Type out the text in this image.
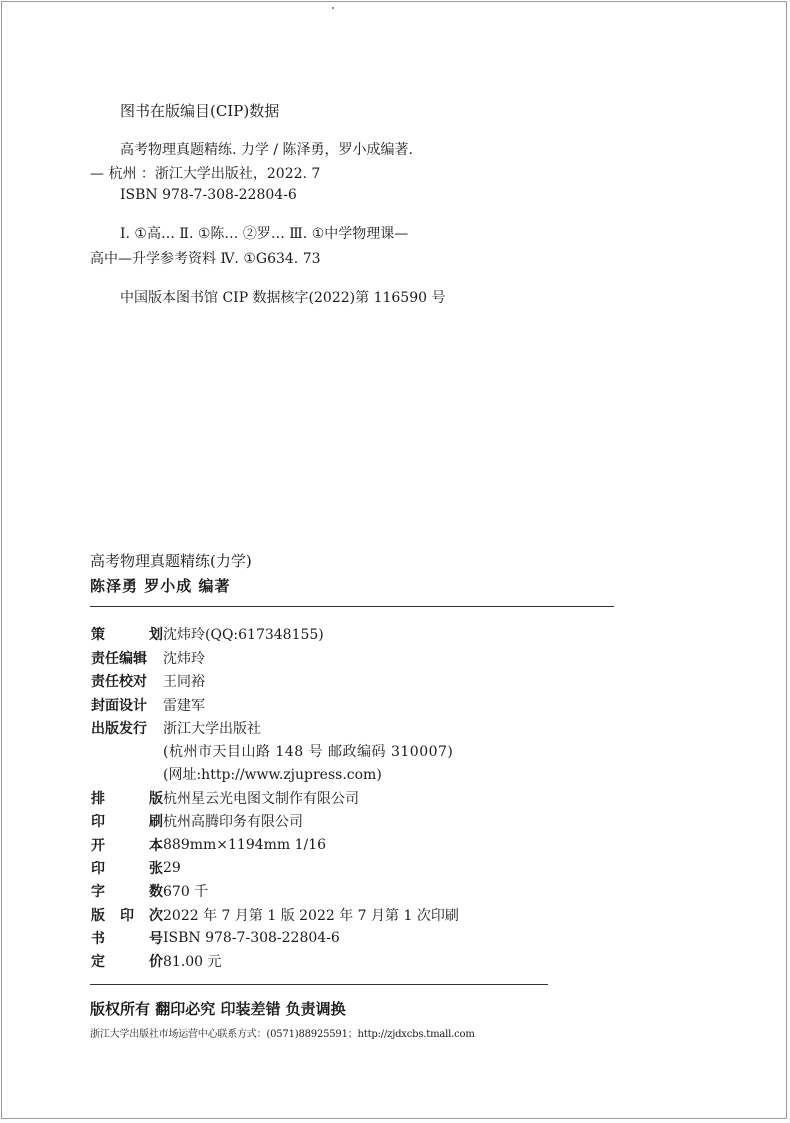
图书在版编目(CIP)数据
高考物理真题精练. 力学 / 陈泽勇，罗小成编著.
— 杭州 ：浙江大学出版社，2022. 7
ISBN 978-7-308-22804-6
Ⅰ. ①高… Ⅱ. ①陈… ②罗… Ⅲ. ①中学物理课—
高中—升学参考资料 Ⅳ. ①G634. 73
中国版本图书馆 CIP 数据核字(2022)第 116590 号
高考物理真题精练(力学)
陈泽勇 罗小成 编著
策	划 沈炜玲(QQ:617348155)
责任编辑	沈炜玲
责任校对	王同裕
封面设计	雷建军
出版发行	浙江大学出版社
(杭州市天目山路 148 号 邮政编码 310007)
(网址:http://www.zjupress.com)
排	版 杭州星云光电图文制作有限公司
印	刷 杭州高腾印务有限公司
开	本 889mm×1194mm 1/16
印	张 29
字	数 670 千
版 印 次 2022 年 7 月第 1 版 2022 年 7 月第 1 次印刷
书	号 ISBN 978-7-308-22804-6
定	价 81.00 元
版权所有 翻印必究 印装差错 负责调换
浙江大学出版社市场运营中心联系方式：(0571)88925591；http://zjdxcbs.tmall.com
